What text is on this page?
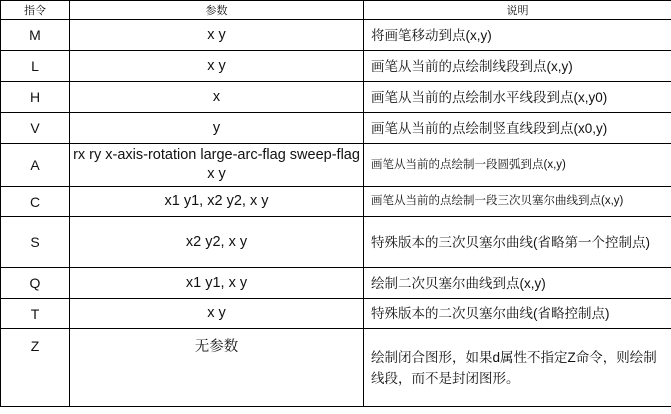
指令	参数	说明
M	x y	将画笔移动到点(x,y)
L	x y	画笔从当前的点绘制线段到点(x,y)
H	x	画笔从当前的点绘制水平线段到点(x,y0)
V	y	画笔从当前的点绘制竖直线段到点(x0,y)
A	rx ry x-axis-rotation large-arc-flag sweep-flag x y	画笔从当前的点绘制一段圆弧到点(x,y)
C	x1 y1, x2 y2, x y	画笔从当前的点绘制一段三次贝塞尔曲线到点(x,y)
S	x2 y2, x y	特殊版本的三次贝塞尔曲线(省略第一个控制点)
Q	x1 y1, x y	绘制二次贝塞尔曲线到点(x,y)
T	x y	特殊版本的二次贝塞尔曲线(省略控制点)
Z	无参数	绘制闭合图形，如果d属性不指定Z命令，则绘制线段，而不是封闭图形。
